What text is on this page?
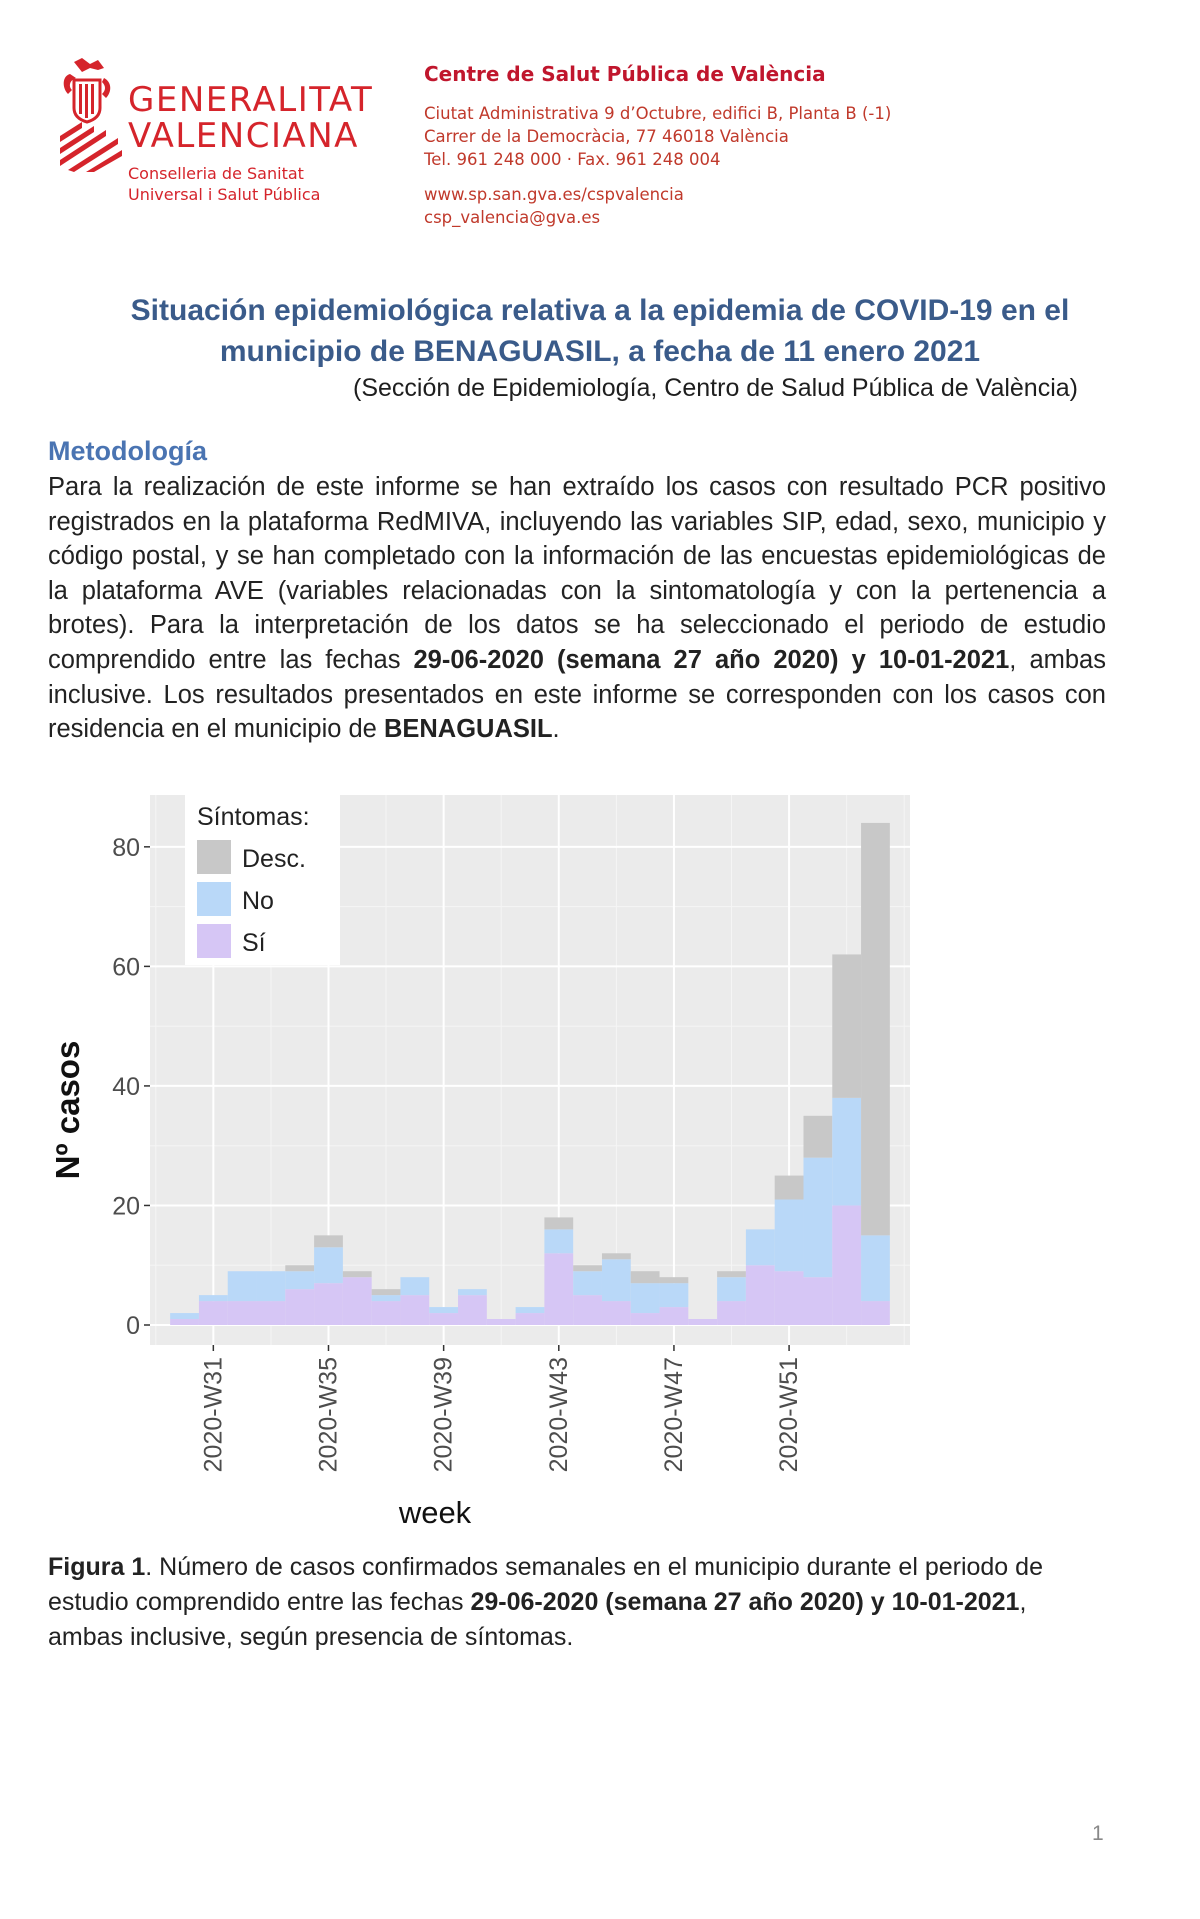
GENERALITAT
VALENCIANA
Conselleria de Sanitat
Universal i Salut Pública
Centre de Salut Pública de València
Ciutat Administrativa 9 d’Octubre, edifici B, Planta B (-1)
Carrer de la Democràcia, 77 46018 València
Tel. 961 248 000 · Fax. 961 248 004
www.sp.san.gva.es/cspvalencia
csp_valencia@gva.es
Situación epidemiológica relativa a la epidemia de COVID-19 en el
municipio de BENAGUASIL, a fecha de 11 enero 2021
(Sección de Epidemiología, Centro de Salud Pública de València)
Metodología
Para la realización de este informe se han extraído los casos con resultado PCR positivo registrados en la plataforma RedMIVA, incluyendo las variables SIP, edad, sexo, municipio y código postal, y se han completado con la información de las encuestas epidemiológicas de la plataforma AVE (variables relacionadas con la sintomatología y con la pertenencia a brotes). Para la interpretación de los datos se ha seleccionado el periodo de estudio comprendido entre las fechas 29-06-2020 (semana 27 año 2020) y 10-01-2021, ambas inclusive. Los resultados presentados en este informe se corresponden con los casos con residencia en el municipio de BENAGUASIL.
0
20
40
60
80
2020-W31	2020-W35	2020-W39	2020-W43	2020-W47	2020-W51
week
Nº casos
Síntomas:
Desc.
No
Sí
Figura 1. Número de casos confirmados semanales en el municipio durante el periodo de estudio comprendido entre las fechas 29-06-2020 (semana 27 año 2020) y 10-01-2021, ambas inclusive, según presencia de síntomas.
1
